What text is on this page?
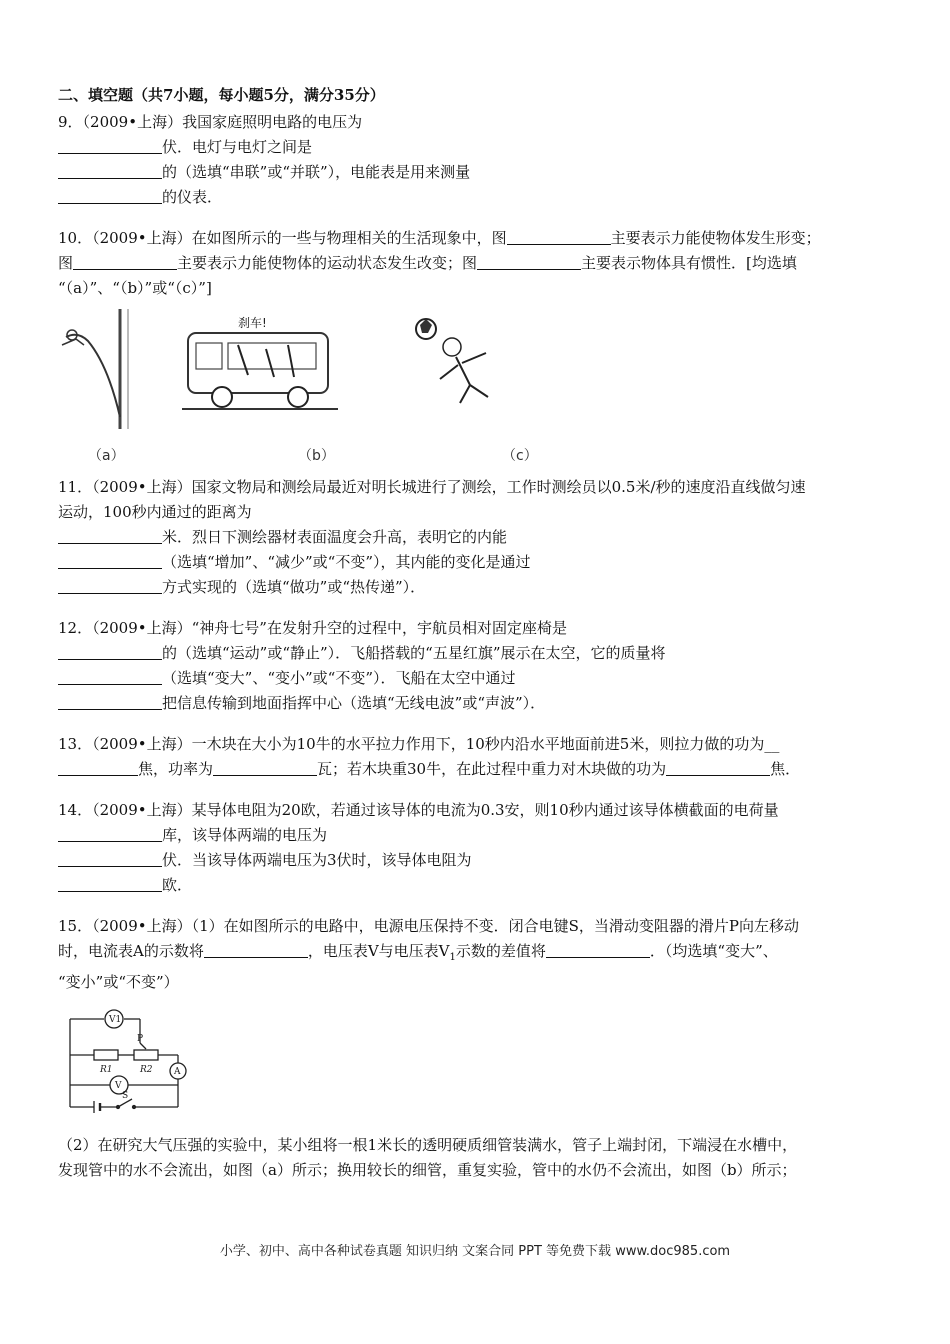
二、填空题（共7小题，每小题5分，满分35分）
9．（2009•上海）我国家庭照明电路的电压为
伏．电灯与电灯之间是
的（选填“串联”或“并联”），电能表是用来测量
的仪表．
10．（2009•上海）在如图所示的一些与物理相关的生活现象中，图	主要表示力能使物体发生形变；
图	主要表示力能使物体的运动状态发生改变；图	主要表示物体具有惯性．[均选填
“（a）”、“（b）”或“（c）”]
（a）
刹车!
（b）	（c）
11．（2009•上海）国家文物局和测绘局最近对明长城进行了测绘，工作时测绘员以0.5米/秒的速度沿直线做匀速
运动，100秒内通过的距离为
米．烈日下测绘器材表面温度会升高，表明它的内能
（选填“增加”、“减少”或“不变”），其内能的变化是通过
方式实现的（选填“做功”或“热传递”）．
12．（2009•上海）“神舟七号”在发射升空的过程中，宇航员相对固定座椅是
的（选填“运动”或“静止”）．飞船搭载的“五星红旗”展示在太空，它的质量将
（选填“变大”、“变小”或“不变”）．飞船在太空中通过
把信息传输到地面指挥中心（选填“无线电波”或“声波”）．
13．（2009•上海）一木块在大小为10牛的水平拉力作用下，10秒内沿水平地面前进5米，则拉力做的功为__
焦，功率为	瓦；若木块重30牛，在此过程中重力对木块做的功为	焦．
14．（2009•上海）某导体电阻为20欧，若通过该导体的电流为0.3安，则10秒内通过该导体横截面的电荷量
库，该导体两端的电压为
伏．当该导体两端电压为3伏时，该导体电阻为
欧．
15．（2009•上海）（1）在如图所示的电路中，电源电压保持不变．闭合电键S，当滑动变阻器的滑片P向左移动
时，电流表A的示数将	，电压表V与电压表$V_1$示数的差值将	．（均选填“变大”、
“变小”或“不变”）
V1
P
R1	R2 A
V
S
（2）在研究大气压强的实验中，某小组将一根1米长的透明硬质细管装满水，管子上端封闭，下端浸在水槽中，
发现管中的水不会流出，如图（a）所示；换用较长的细管，重复实验，管中的水仍不会流出，如图（b）所示；
小学、初中、高中各种试卷真题 知识归纳 文案合同 PPT 等免费下载 www.doc985.com
